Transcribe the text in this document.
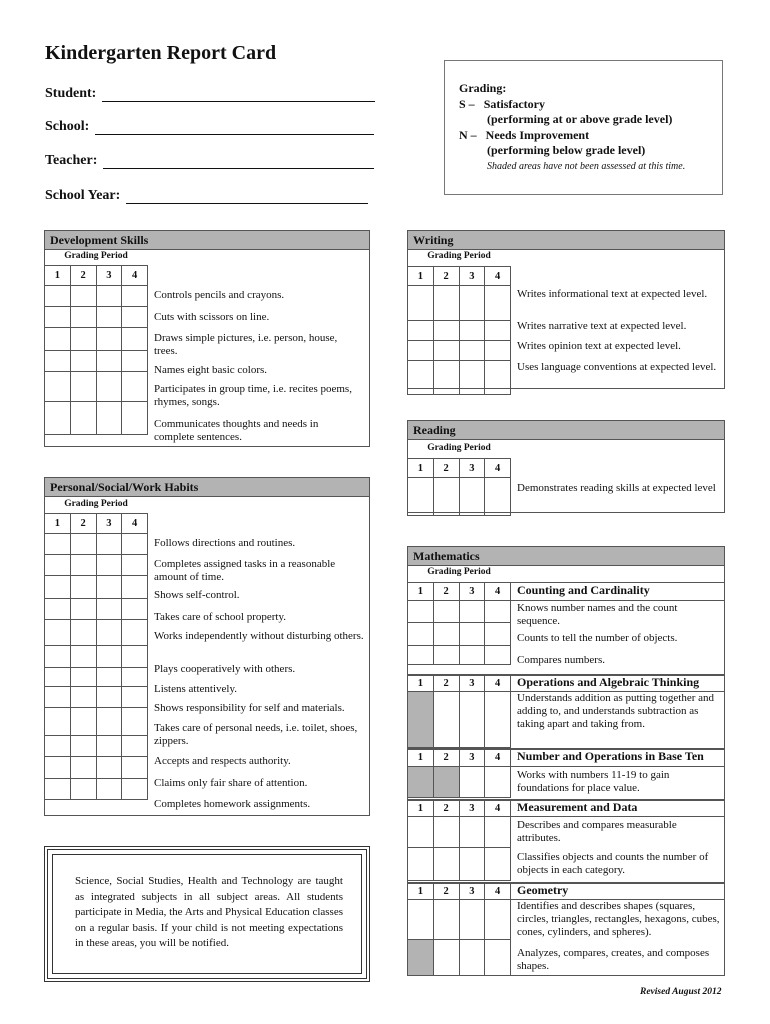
Kindergarten Report Card
Student:
School:
Teacher:
School Year:
Grading:
S – Satisfactory
(performing at or above grade level)
N – Needs Improvement
(performing below grade level)
Shaded areas have not been assessed at this time.
Development Skills
Grading Period
1	2	3	4

Controls pencils and crayons.
Cuts with scissors on line.
Draws simple pictures, i.e. person, house, trees.
Names eight basic colors.
Participates in group time, i.e. recites poems, rhymes, songs.
Communicates thoughts and needs in complete sentences.
Personal/Social/Work Habits
Grading Period
1	2	3	4

Follows directions and routines.
Completes assigned tasks in a reasonable amount of time.
Shows self-control.
Takes care of school property.
Works independently without disturbing others.
Plays cooperatively with others.
Listens attentively.
Shows responsibility for self and materials.
Takes care of personal needs, i.e. toilet, shoes, zippers.
Accepts and respects authority.
Claims only fair share of attention.
Completes homework assignments.
Writing
Grading Period
1	2	3	4

Writes informational text at expected level.
Writes narrative text at expected level.
Writes opinion text at expected level.
Uses language conventions at expected level.
Reading
Grading Period
1	2	3	4

Demonstrates reading skills at expected level
Mathematics
Grading Period
1	2	3	4

			Counting and Cardinality
Knows number names and the count sequence.
Counts to tell the number of objects.
Compares numbers.
1	2	3	4
			Operations and Algebraic Thinking
Understands addition as putting together and adding to, and understands subtraction as taking apart and taking from.
1	2	3	4
			Number and Operations in Base Ten
Works with numbers 11-19 to gain foundations for place value.
1	2	3	4

			Measurement and Data
Describes and compares measurable attributes.
Classifies objects and counts the number of objects in each category.
1	2	3	4

			Geometry
Identifies and describes shapes (squares, circles, triangles, rectangles, hexagons, cubes, cones, cylinders, and spheres).
Analyzes, compares, creates, and composes shapes.
Science, Social Studies, Health and Technology are taught as integrated subjects in all subject areas. All students participate in Media, the Arts and Physical Education classes on a regular basis. If your child is not meeting expectations in these areas, you will be notified.
Revised August 2012
